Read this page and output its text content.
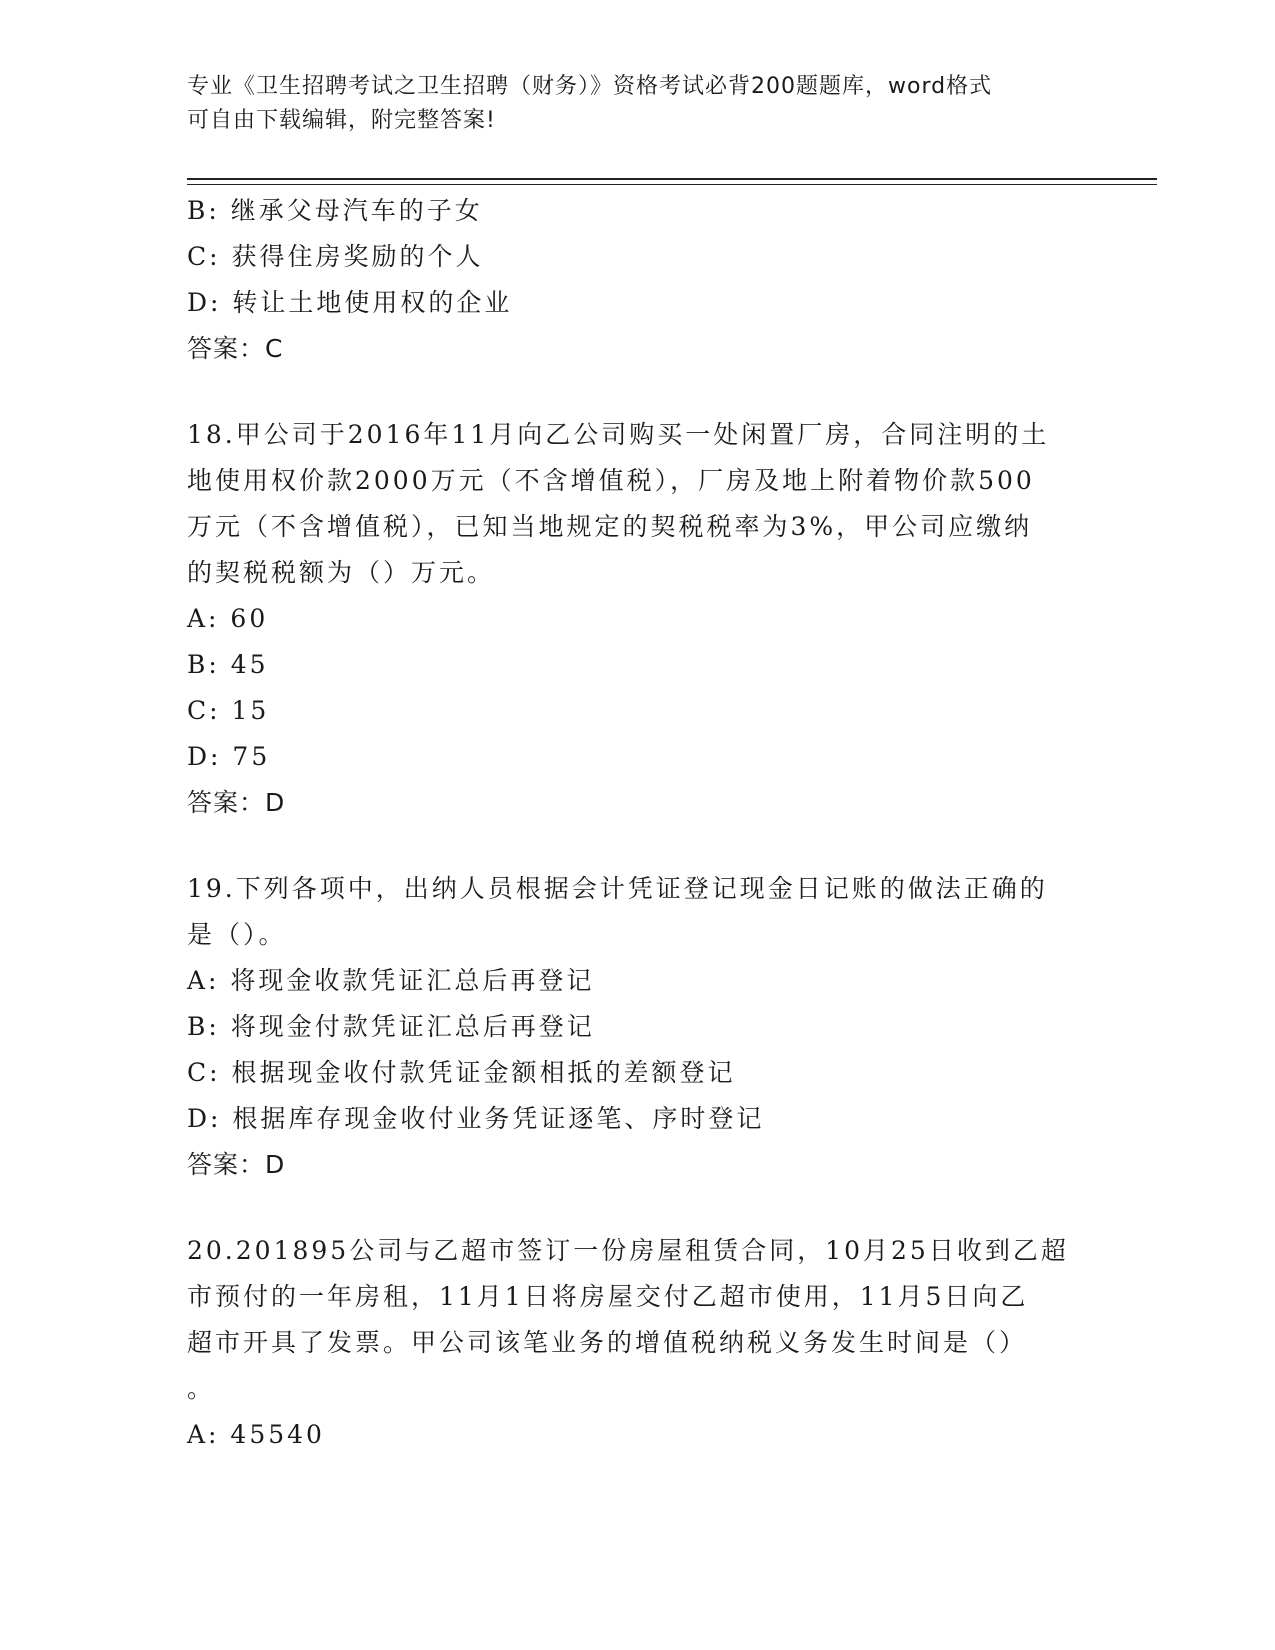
专业《卫生招聘考试之卫生招聘（财务）》资格考试必背200题题库，word格式
可自由下载编辑，附完整答案!
B: 继承父母汽车的子女
C: 获得住房奖励的个人
D: 转让土地使用权的企业
答案：C
18.甲公司于2016年11月向乙公司购买一处闲置厂房，合同注明的土
地使用权价款2000万元（不含增值税），厂房及地上附着物价款500
万元（不含增值税），已知当地规定的契税税率为3%，甲公司应缴纳
的契税税额为（）万元。
A: 60
B: 45
C: 15
D: 75
答案：D
19.下列各项中，出纳人员根据会计凭证登记现金日记账的做法正确的
是（）。
A: 将现金收款凭证汇总后再登记
B: 将现金付款凭证汇总后再登记
C: 根据现金收付款凭证金额相抵的差额登记
D: 根据库存现金收付业务凭证逐笔、序时登记
答案：D
20.201895公司与乙超市签订一份房屋租赁合同，10月25日收到乙超
市预付的一年房租，11月1日将房屋交付乙超市使用，11月5日向乙
超市开具了发票。甲公司该笔业务的增值税纳税义务发生时间是（）
。
A: 45540
